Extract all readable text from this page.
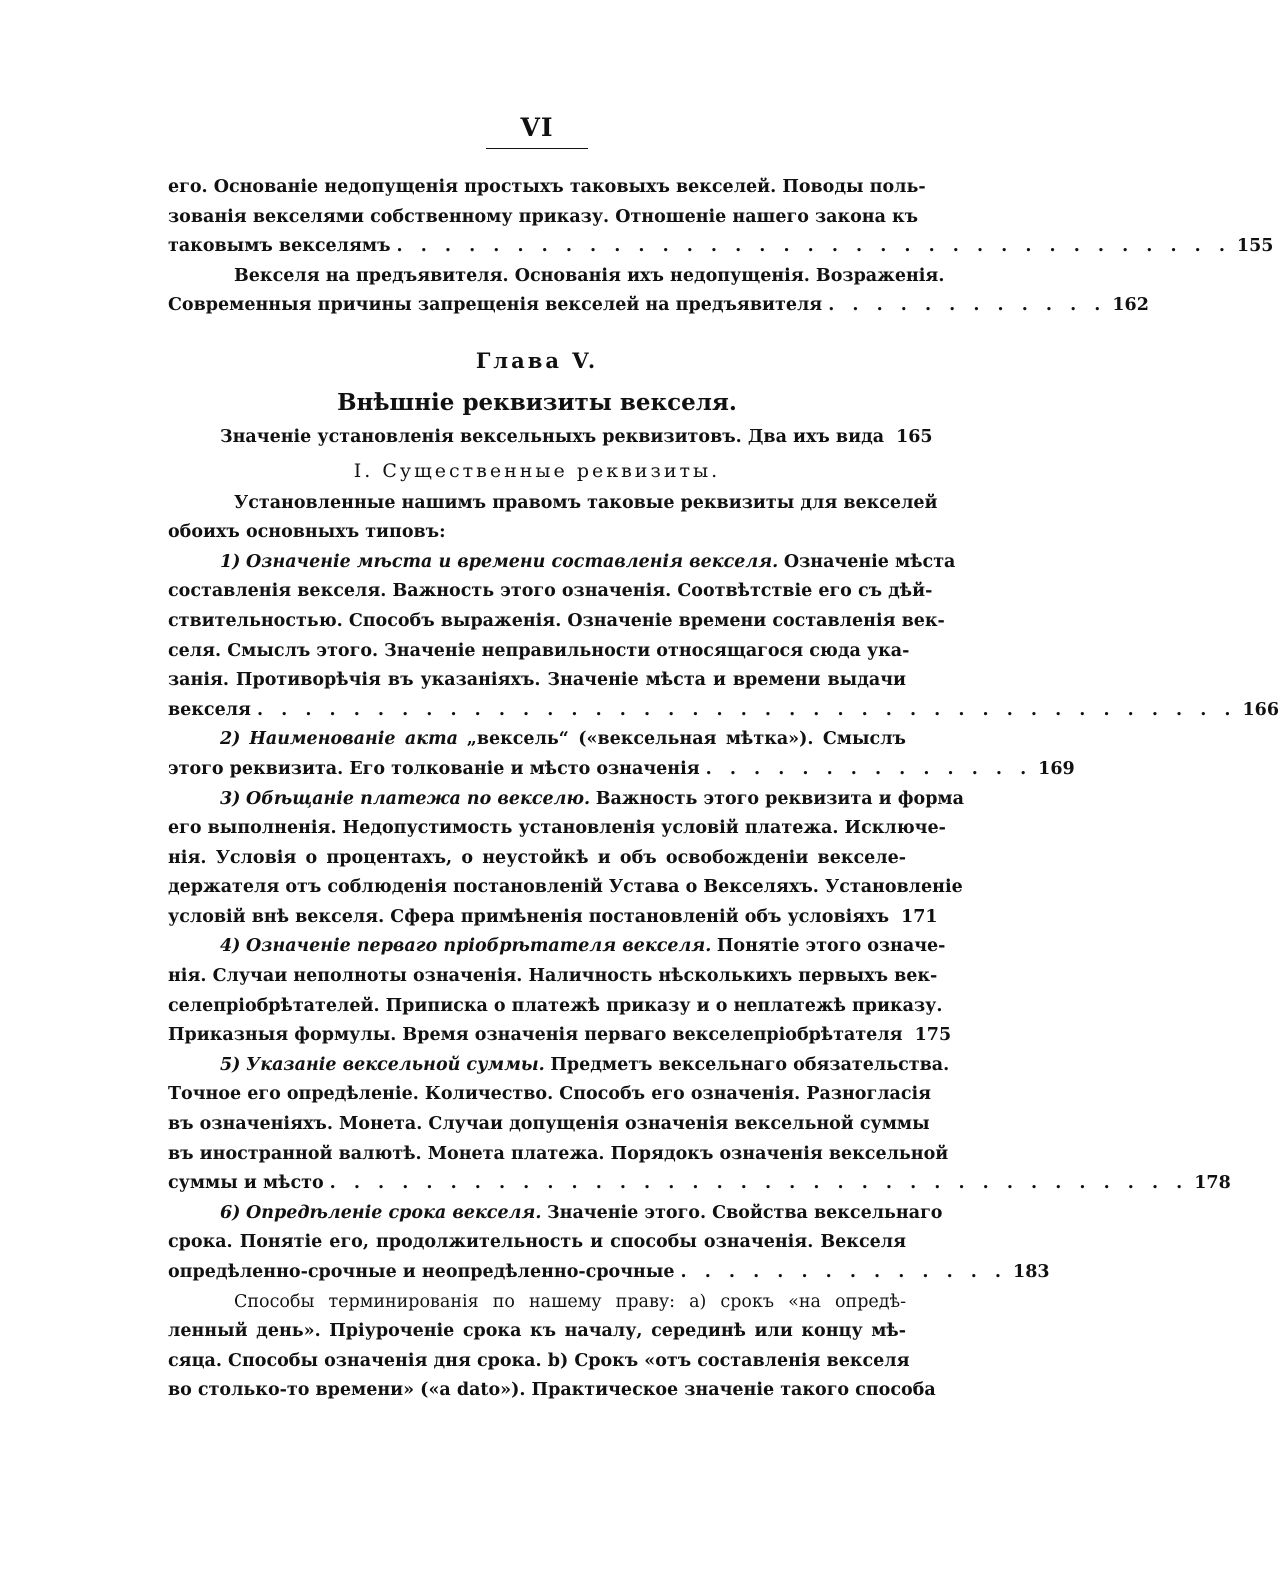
VI
его. Основаніе недопущенія простыхъ таковыхъ векселей. Поводы поль-
зованія векселями собственному приказу. Отношеніе нашего закона къ
таковымъ векселямъ . . . . . . . . . . . . . . . . . . . . . . . . . . . . . . . . . . . 155
Векселя на предъявителя. Основанія ихъ недопущенія. Возраженія.
Современныя причины запрещенія векселей на предъявителя . . . . . . . . . . . . 162
Глава V.
Внѣшніе реквизиты векселя.
Значеніе установленія вексельныхъ реквизитовъ. Два ихъ вида 165
I. Существенные реквизиты.
Установленные нашимъ правомъ таковые реквизиты для векселей
обоихъ основныхъ типовъ:
1) Означеніе мѣста и времени составленія векселя. Означеніе мѣста
составленія векселя. Важность этого означенія. Соотвѣтствіе его съ дѣй-
ствительностью. Способъ выраженія. Означеніе времени составленія век-
селя. Смыслъ этого. Значеніе неправильности относящагося сюда ука-
занія. Противорѣчія въ указаніяхъ. Значеніе мѣста и времени выдачи
векселя . . . . . . . . . . . . . . . . . . . . . . . . . . . . . . . . . . . . . . . . . 166
2) Наименованіе акта „вексель“ («вексельная мѣтка»). Смыслъ
этого реквизита. Его толкованіе и мѣсто означенія . . . . . . . . . . . . . . 169
3) Обѣщаніе платежа по векселю. Важность этого реквизита и форма
его выполненія. Недопустимость установленія условій платежа. Исключе-
нія. Условія о процентахъ, о неустойкѣ и объ освобожденіи векселе-
держателя отъ соблюденія постановленій Устава о Векселяхъ. Установленіе
условій внѣ векселя. Сфера примѣненія постановленій объ условіяхъ 171
4) Означеніе перваго пріобрѣтателя векселя. Понятіе этого означе-
нія. Случаи неполноты означенія. Наличность нѣсколькихъ первыхъ век-
селепріобрѣтателей. Приписка о платежѣ приказу и о неплатежѣ приказу.
Приказныя формулы. Время означенія перваго векселепріобрѣтателя 175
5) Указаніе вексельной суммы. Предметъ вексельнаго обязательства.
Точное его опредѣленіе. Количество. Способъ его означенія. Разногласія
въ означеніяхъ. Монета. Случаи допущенія означенія вексельной суммы
въ иностранной валютѣ. Монета платежа. Порядокъ означенія вексельной
суммы и мѣсто . . . . . . . . . . . . . . . . . . . . . . . . . . . . . . . . . . . . 178
6) Опредѣленіе срока векселя. Значеніе этого. Свойства вексельнаго
срока. Понятіе его, продолжительность и способы означенія. Векселя
опредѣленно-срочные и неопредѣленно-срочные . . . . . . . . . . . . . . 183
Способы терминированія по нашему праву: a) срокъ «на опредѣ-
ленный день». Пріуроченіе срока къ началу, серединѣ или концу мѣ-
сяца. Способы означенія дня срока. b) Срокъ «отъ составленія векселя
во столько-то времени» («a dato»). Практическое значеніе такого способа
